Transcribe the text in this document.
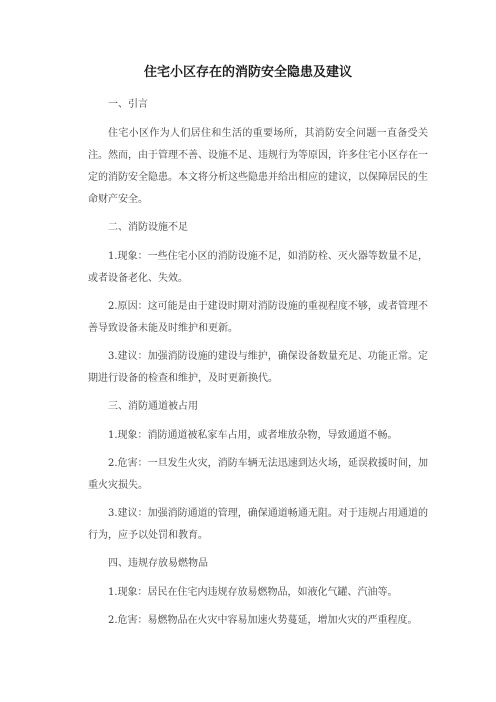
住宅小区存在的消防安全隐患及建议

一、引言

住宅小区作为人们居住和生活的重要场所，其消防安全问题一直备受关注。然而，由于管理不善、设施不足、违规行为等原因，许多住宅小区存在一定的消防安全隐患。本文将分析这些隐患并给出相应的建议，以保障居民的生命财产安全。

二、消防设施不足

1.现象：一些住宅小区的消防设施不足，如消防栓、灭火器等数量不足，或者设备老化、失效。

2.原因：这可能是由于建设时期对消防设施的重视程度不够，或者管理不善导致设备未能及时维护和更新。

3.建议：加强消防设施的建设与维护，确保设备数量充足、功能正常。定期进行设备的检查和维护，及时更新换代。

三、消防通道被占用

1.现象：消防通道被私家车占用，或者堆放杂物，导致通道不畅。

2.危害：一旦发生火灾，消防车辆无法迅速到达火场，延误救援时间，加重火灾损失。

3.建议：加强消防通道的管理，确保通道畅通无阻。对于违规占用通道的行为，应予以处罚和教育。

四、违规存放易燃物品

1.现象：居民在住宅内违规存放易燃物品，如液化气罐、汽油等。

2.危害：易燃物品在火灾中容易加速火势蔓延，增加火灾的严重程度。
